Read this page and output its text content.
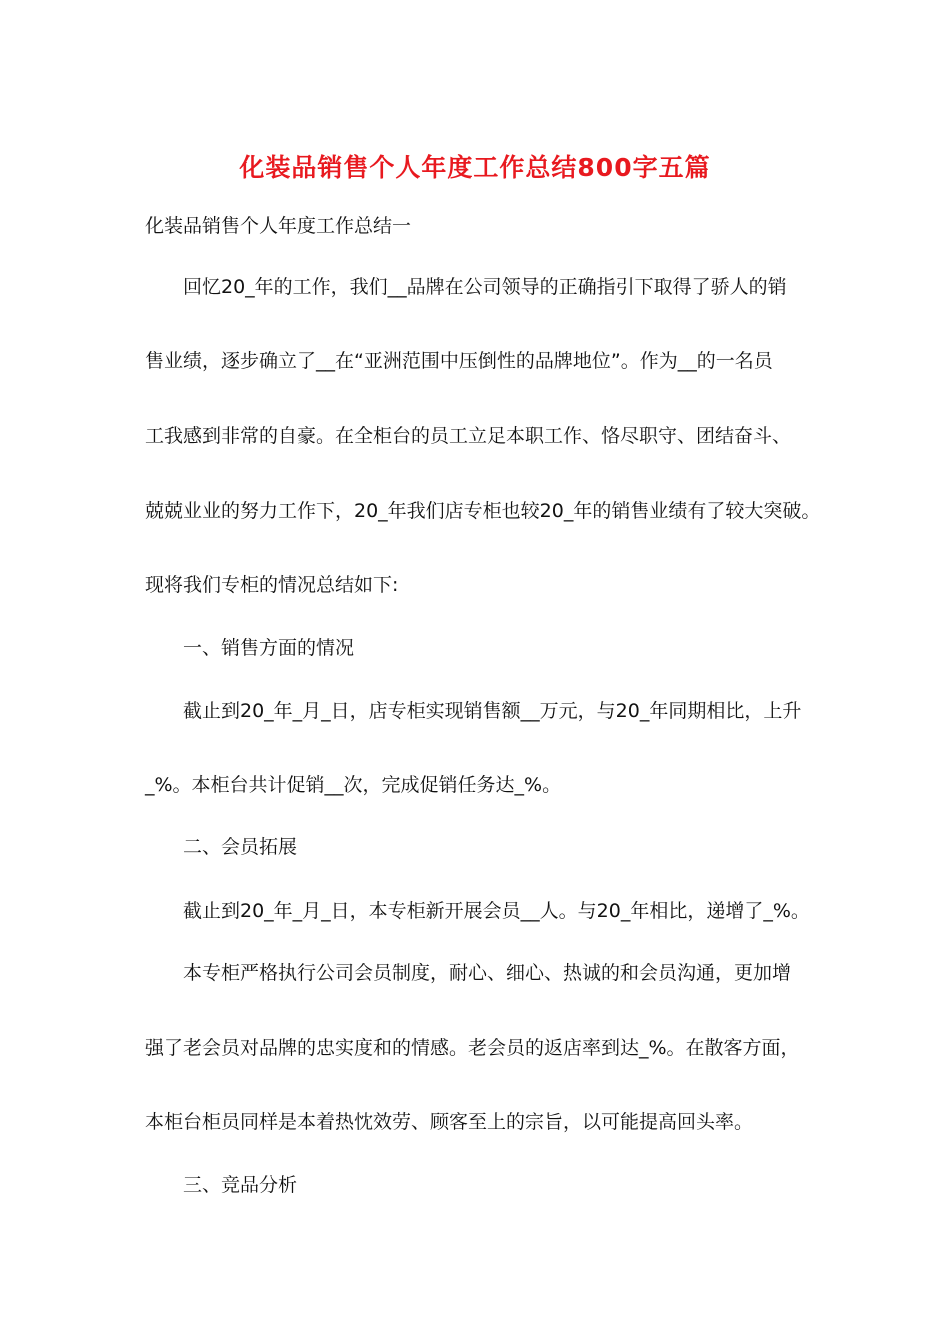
化装品销售个人年度工作总结800字五篇
化装品销售个人年度工作总结一
回忆20_年的工作，我们__品牌在公司领导的正确指引下取得了骄人的销
售业绩，逐步确立了__在“亚洲范围中压倒性的品牌地位”。作为__的一名员
工我感到非常的自豪。在全柜台的员工立足本职工作、恪尽职守、团结奋斗、
兢兢业业的努力工作下，20_年我们店专柜也较20_年的销售业绩有了较大突破。
现将我们专柜的情况总结如下:
一、销售方面的情况
截止到20_年_月_日，店专柜实现销售额__万元，与20_年同期相比，上升
_%。本柜台共计促销__次，完成促销任务达_%。
二、会员拓展
截止到20_年_月_日，本专柜新开展会员__人。与20_年相比，递增了_%。
本专柜严格执行公司会员制度，耐心、细心、热诚的和会员沟通，更加增
强了老会员对品牌的忠实度和的情感。老会员的返店率到达_%。在散客方面，
本柜台柜员同样是本着热忱效劳、顾客至上的宗旨，以可能提高回头率。
三、竞品分析
